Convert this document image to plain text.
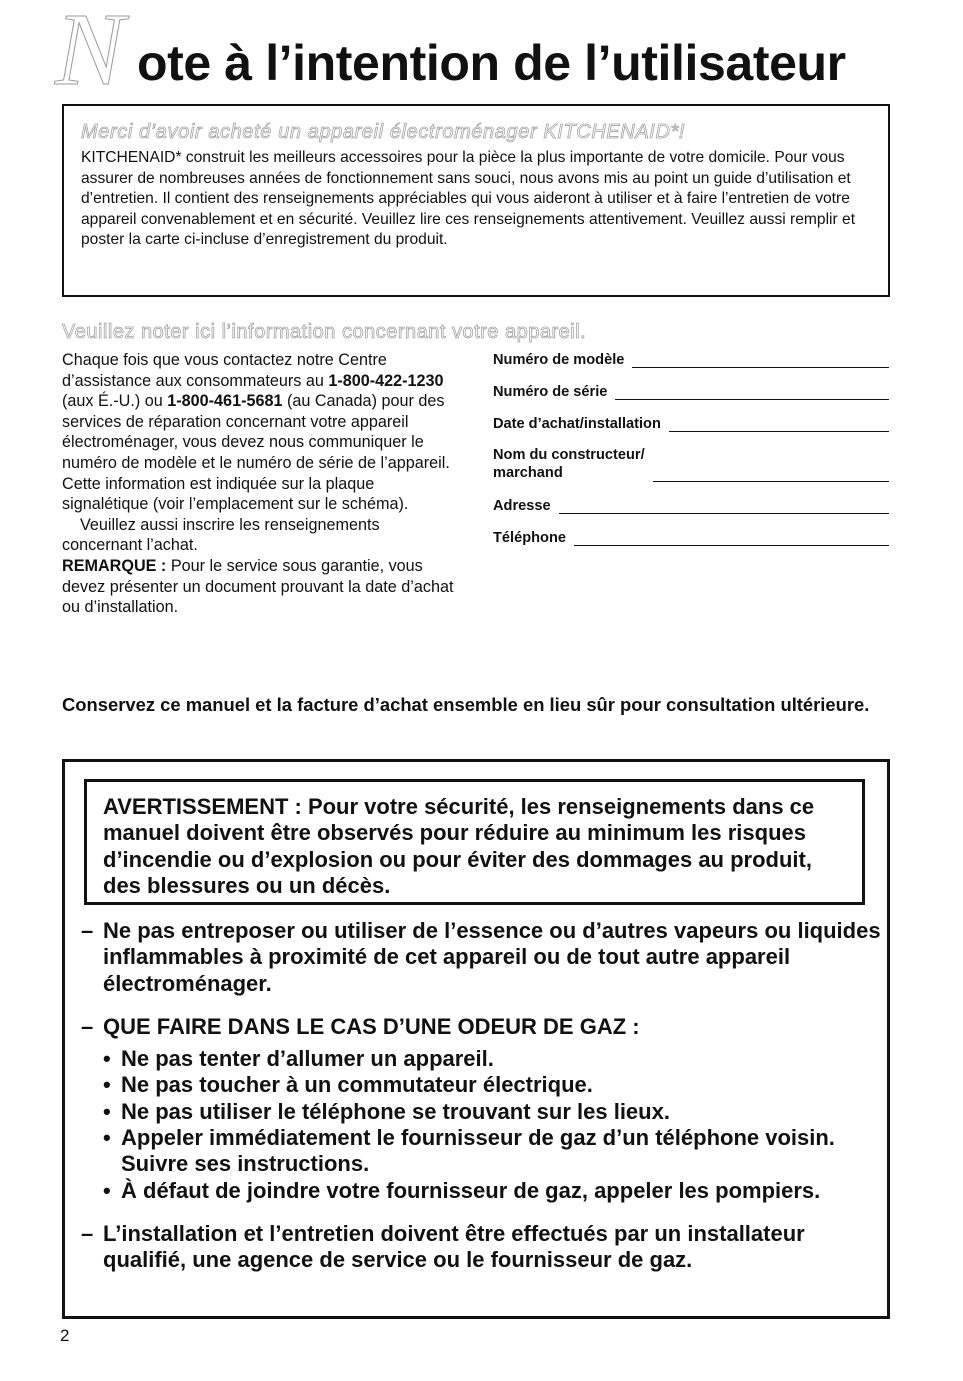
N ote à l’intention de l’utilisateur
Merci d’avoir acheté un appareil électroménager KITCHENAID*!

KITCHENAID* construit les meilleurs accessoires pour la pièce la plus importante de votre domicile. Pour vous assurer de nombreuses années de fonctionnement sans souci, nous avons mis au point un guide d’utilisation et d’entretien. Il contient des renseignements appréciables qui vous aideront à utiliser et à faire l’entretien de votre appareil convenablement et en sécurité. Veuillez lire ces renseignements attentivement. Veuillez aussi remplir et poster la carte ci-incluse d’enregistrement du produit.

Veuillez noter ici l’information concernant votre appareil.

Chaque fois que vous contactez notre Centre d’assistance aux consommateurs au 1-800-422-1230 (aux É.-U.) ou 1-800-461-5681 (au Canada) pour des services de réparation concernant votre appareil électroménager, vous devez nous communiquer le numéro de modèle et le numéro de série de l’appareil. Cette information est indiquée sur la plaque signalétique (voir l’emplacement sur le schéma).

Veuillez aussi inscrire les renseignements concernant l’achat.

REMARQUE : Pour le service sous garantie, vous devez présenter un document prouvant la date d’achat ou d’installation.

Numéro de modèle
Numéro de série
Date d’achat/installation
Nom du constructeur/
marchand
Adresse
Téléphone
Conservez ce manuel et la facture d’achat ensemble en lieu sûr pour consultation ultérieure.
AVERTISSEMENT : Pour votre sécurité, les renseignements dans ce manuel doivent être observés pour réduire au minimum les risques d’incendie ou d’explosion ou pour éviter des dommages au produit, des blessures ou un décès.
– Ne pas entreposer ou utiliser de l’essence ou d’autres vapeurs ou liquides inflammables à proximité de cet appareil ou de tout autre appareil électroménager.
– QUE FAIRE DANS LE CAS D’UNE ODEUR DE GAZ :
• Ne pas tenter d’allumer un appareil.
• Ne pas toucher à un commutateur électrique.
• Ne pas utiliser le téléphone se trouvant sur les lieux.
• Appeler immédiatement le fournisseur de gaz d’un téléphone voisin. Suivre ses instructions.
• À défaut de joindre votre fournisseur de gaz, appeler les pompiers.
– L’installation et l’entretien doivent être effectués par un installateur qualifié, une agence de service ou le fournisseur de gaz.
2
